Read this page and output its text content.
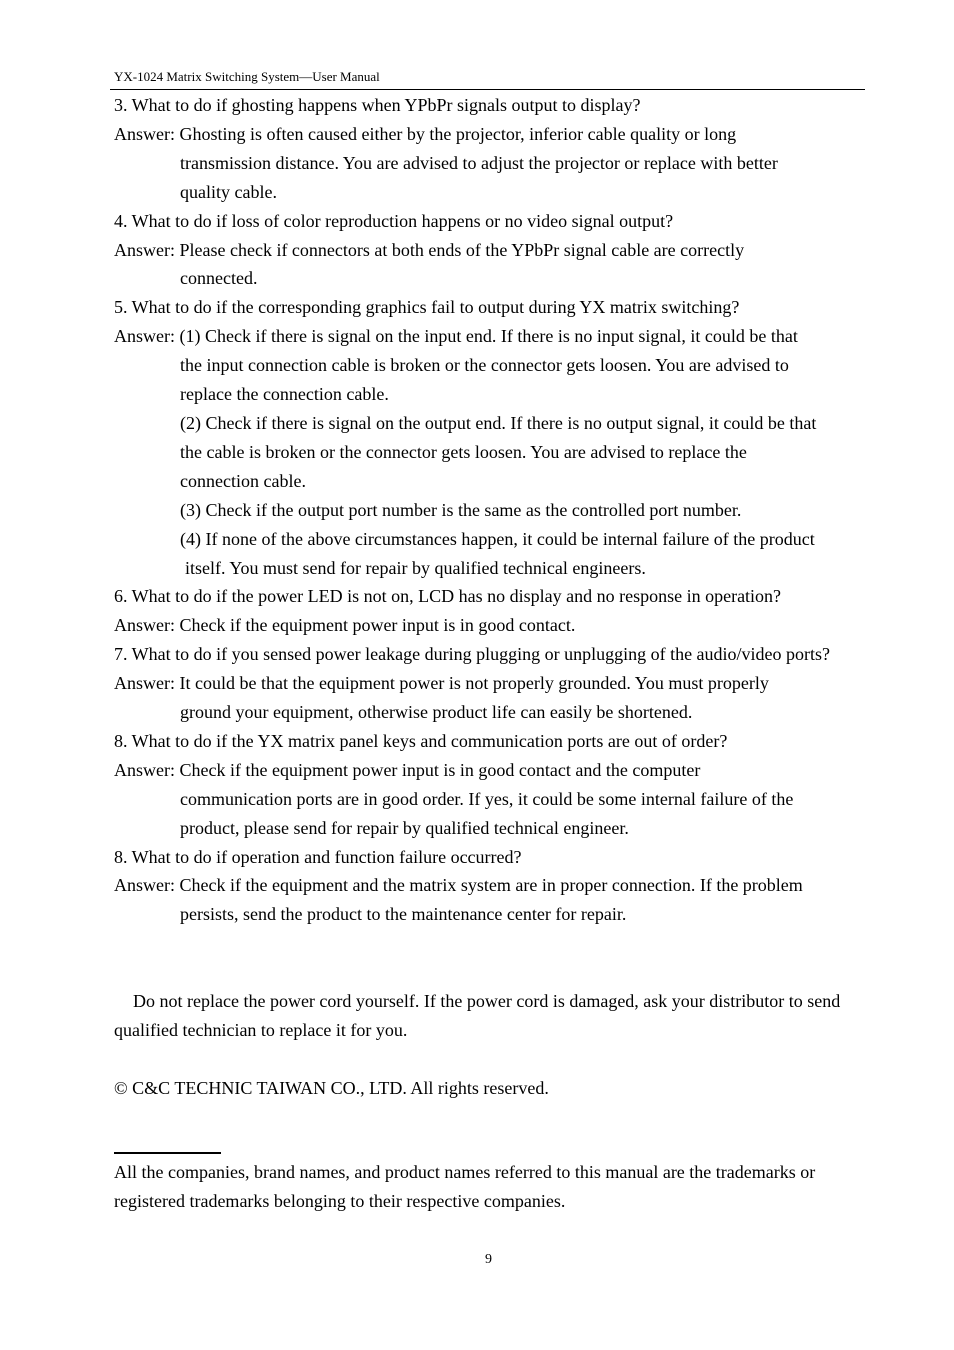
YX-1024 Matrix Switching System—User Manual
3. What to do if ghosting happens when YPbPr signals output to display?
Answer: Ghosting is often caused either by the projector, inferior cable quality or long
transmission distance. You are advised to adjust the projector or replace with better
quality cable.
4. What to do if loss of color reproduction happens or no video signal output?
Answer: Please check if connectors at both ends of the YPbPr signal cable are correctly
connected.
5. What to do if the corresponding graphics fail to output during YX matrix switching?
Answer: (1) Check if there is signal on the input end. If there is no input signal, it could be that
the input connection cable is broken or the connector gets loosen. You are advised to
replace the connection cable.
(2) Check if there is signal on the output end. If there is no output signal, it could be that
the cable is broken or the connector gets loosen. You are advised to replace the
connection cable.
(3) Check if the output port number is the same as the controlled port number.
(4) If none of the above circumstances happen, it could be internal failure of the product
itself. You must send for repair by qualified technical engineers.
6. What to do if the power LED is not on, LCD has no display and no response in operation?
Answer: Check if the equipment power input is in good contact.
7. What to do if you sensed power leakage during plugging or unplugging of the audio/video ports?
Answer: It could be that the equipment power is not properly grounded. You must properly
ground your equipment, otherwise product life can easily be shortened.
8. What to do if the YX matrix panel keys and communication ports are out of order?
Answer: Check if the equipment power input is in good contact and the computer
communication ports are in good order. If yes, it could be some internal failure of the
product, please send for repair by qualified technical engineer.
8. What to do if operation and function failure occurred?
Answer: Check if the equipment and the matrix system are in proper connection. If the problem
persists, send the product to the maintenance center for repair.
Do not replace the power cord yourself. If the power cord is damaged, ask your distributor to send qualified technician to replace it for you.
© C&C TECHNIC TAIWAN CO., LTD. All rights reserved.
All the companies, brand names, and product names referred to this manual are the trademarks or registered trademarks belonging to their respective companies.
9
